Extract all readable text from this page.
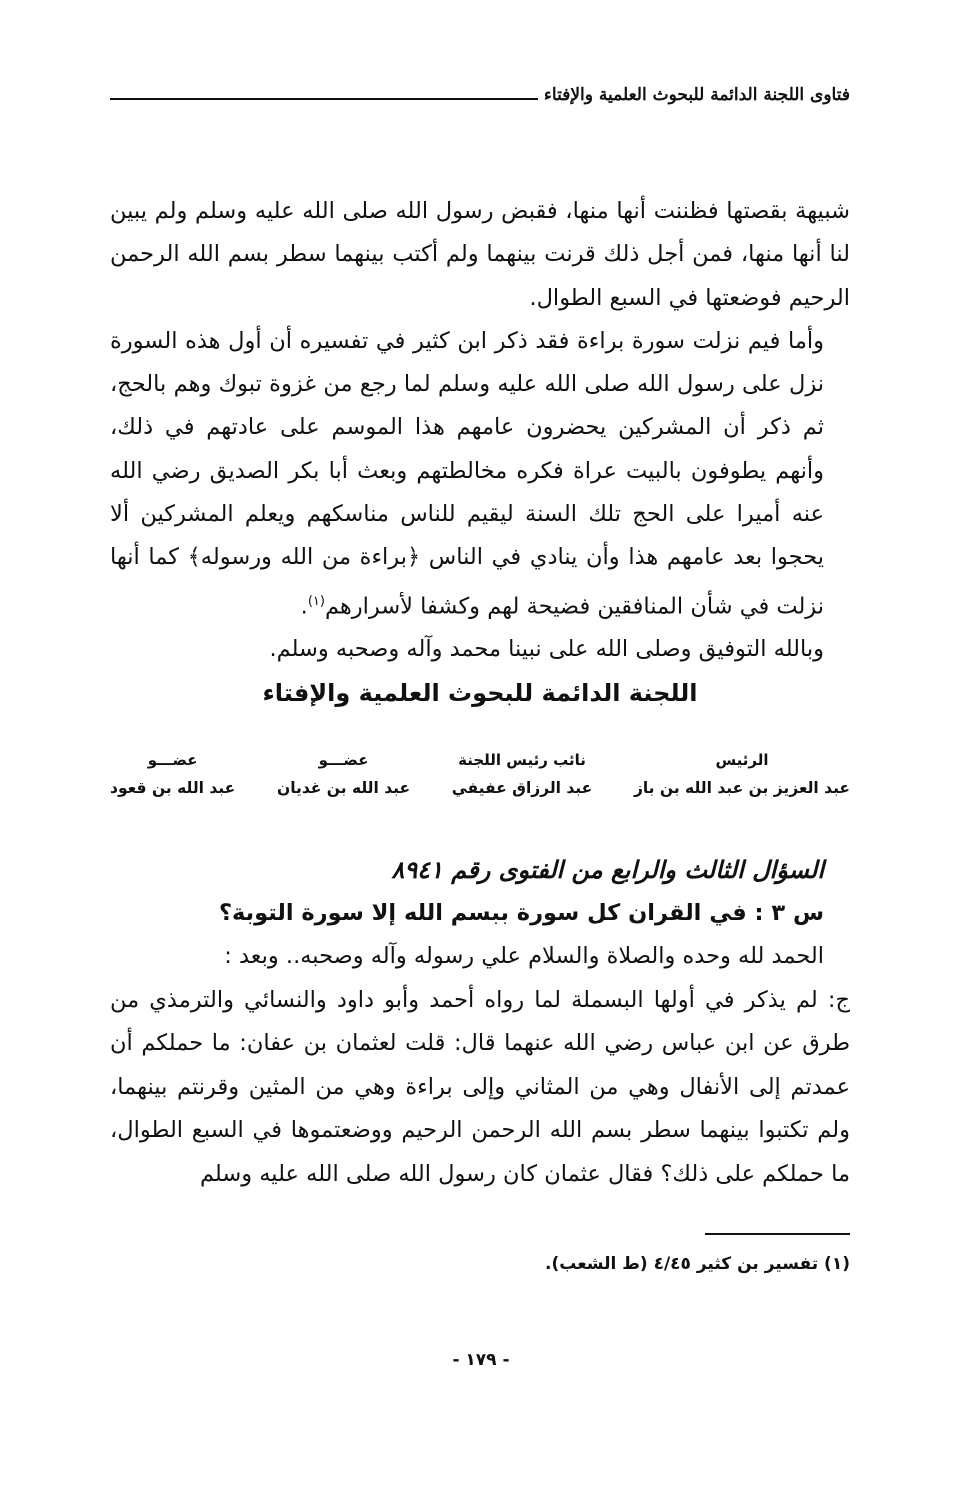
فتاوى اللجنة الدائمة للبحوث العلمية والإفتاء

شبيهة بقصتها فظننت أنها منها، فقبض رسول الله صلى الله عليه وسلم ولم يبين لنا أنها منها، فمن أجل ذلك قرنت بينهما ولم أكتب بينهما سطر بسم الله الرحمن الرحيم فوضعتها في السبع الطوال.

وأما فيم نزلت سورة براءة فقد ذكر ابن كثير في تفسيره أن أول هذه السورة نزل على رسول الله صلى الله عليه وسلم لما رجع من غزوة تبوك وهم بالحج، ثم ذكر أن المشركين يحضرون عامهم هذا الموسم على عادتهم في ذلك، وأنهم يطوفون بالبيت عراة فكره مخالطتهم وبعث أبا بكر الصديق رضي الله عنه أميرا على الحج تلك السنة ليقيم للناس مناسكهم ويعلم المشركين ألا يحجوا بعد عامهم هذا وأن ينادي في الناس ﴿براءة من الله ورسوله﴾ كما أنها نزلت في شأن المنافقين فضيحة لهم وكشفا لأسرارهم$^{(١)}$.

وبالله التوفيق وصلى الله على نبينا محمد وآله وصحبه وسلم.

اللجنة الدائمة للبحوث العلمية والإفتاء

الرئيس
عبد العزيز بن عبد الله بن باز
نائب رئيس اللجنة
عبد الرزاق عفيفي
عضـــو
عبد الله بن غديان
عضـــو
عبد الله بن قعود

السؤال الثالث والرابع من الفتوى رقم ٨٩٤١

س ٣ : في القران كل سورة ببسم الله إلا سورة التوبة؟

الحمد لله وحده والصلاة والسلام علي رسوله وآله وصحبه.. وبعد :

ج: لم يذكر في أولها البسملة لما رواه أحمد وأبو داود والنسائي والترمذي من طرق عن ابن عباس رضي الله عنهما قال: قلت لعثمان بن عفان: ما حملكم أن عمدتم إلى الأنفال وهي من المثاني وإلى براءة وهي من المثين وقرنتم بينهما، ولم تكتبوا بينهما سطر بسم الله الرحمن الرحيم ووضعتموها في السبع الطوال، ما حملكم على ذلك؟ فقال عثمان كان رسول الله صلى الله عليه وسلم

(١) تفسير بن كثير ٤/٤٥ (ط الشعب).
- ١٧٩ -
